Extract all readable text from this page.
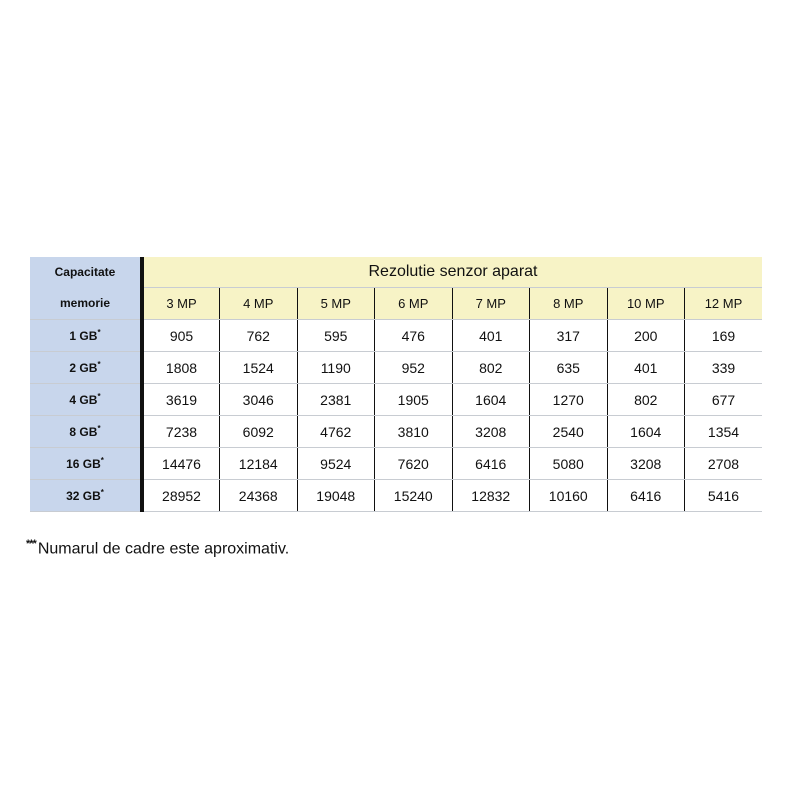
Capacitate	Rezolutie senzor aparat							
memorie	3 MP	4 MP	5 MP	6 MP	7 MP	8 MP	10 MP	12 MP
1 GB*	905	762	595	476	401	317	200	169
2 GB*	1808	1524	1190	952	802	635	401	339
4 GB*	3619	3046	2381	1905	1604	1270	802	677
8 GB*	7238	6092	4762	3810	3208	2540	1604	1354
16 GB*	14476	12184	9524	7620	6416	5080	3208	2708
32 GB*	28952	24368	19048	15240	12832	10160	6416	5416
*** Numarul de cadre este aproximativ.
